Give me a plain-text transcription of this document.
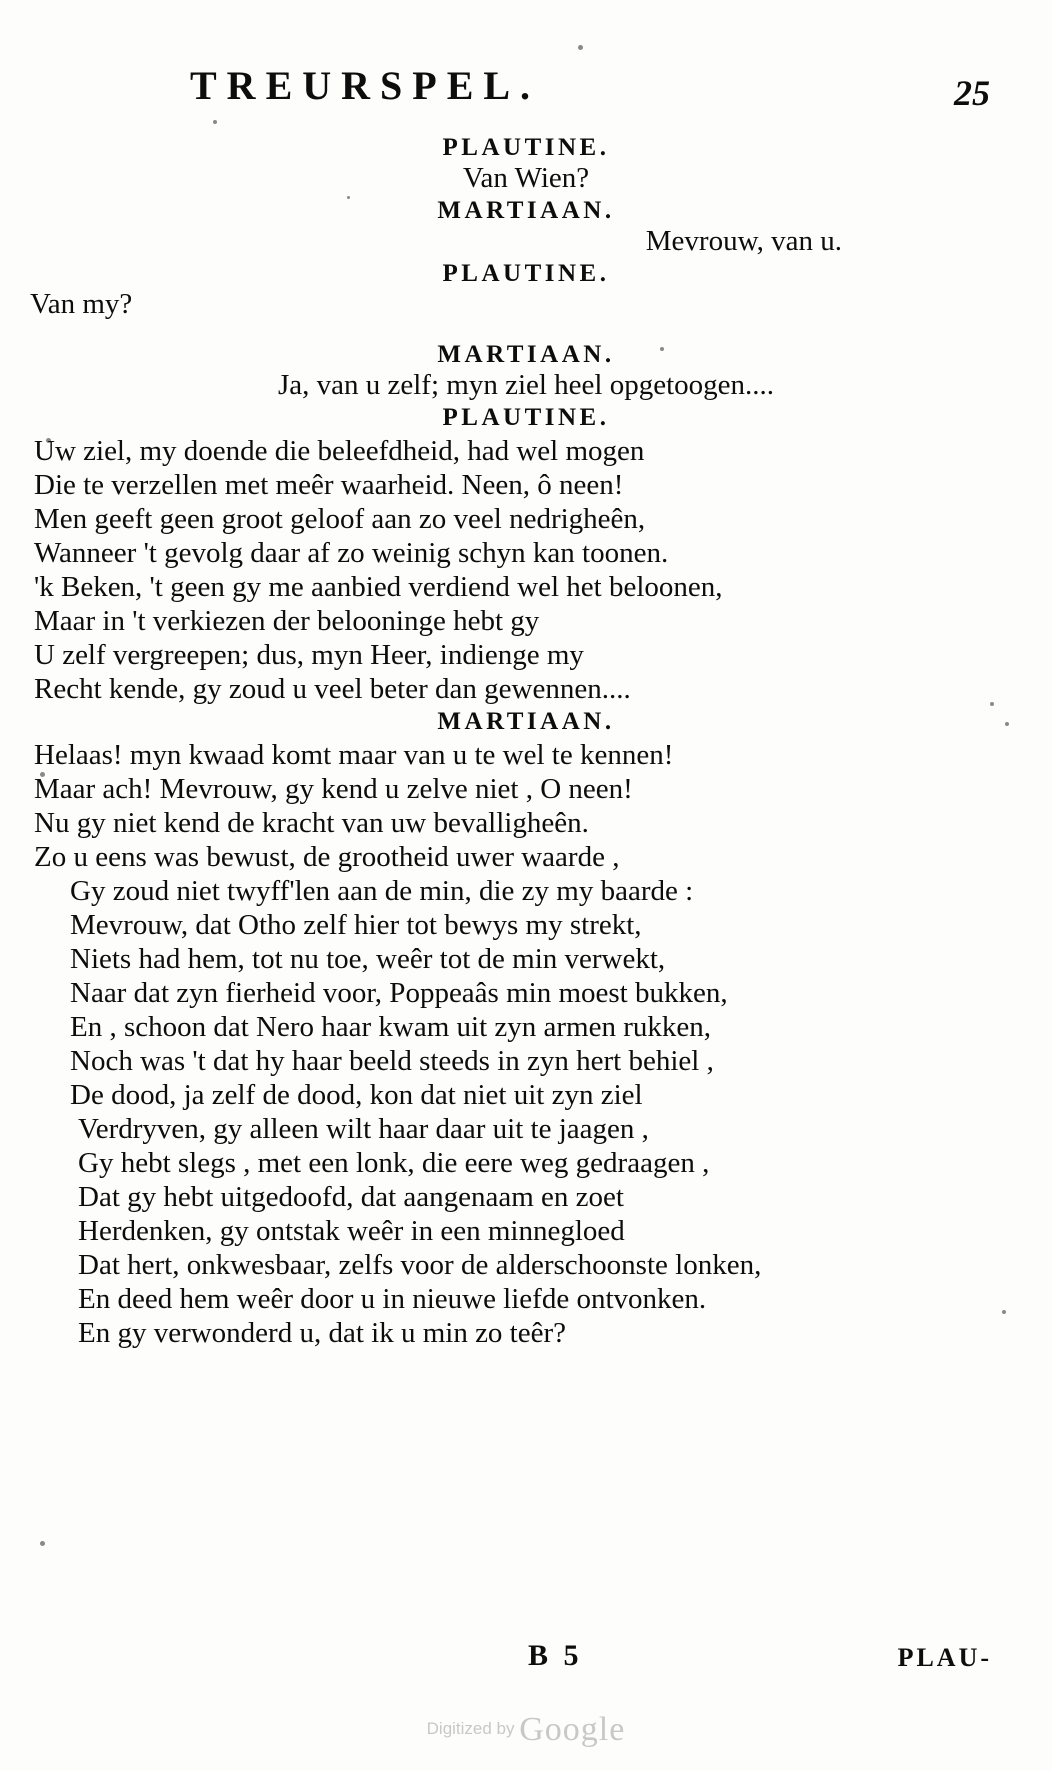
TREURSPEL.	25
PLAUTINE.
Van Wien?
MARTIAAN.
Mevrouw, van u.
PLAUTINE.
Van my?
MARTIAAN.
Ja, van u zelf; myn ziel heel opgetoogen....
PLAUTINE.
Uw ziel, my doende die beleefdheid, had wel mogen
Die te verzellen met meêr waarheid. Neen, ô neen!
Men geeft geen groot geloof aan zo veel nedrigheên,
Wanneer 't gevolg daar af zo weinig schyn kan toonen.
'k Beken, 't geen gy me aanbied verdiend wel het beloonen,
Maar in 't verkiezen der belooninge hebt gy
U zelf vergreepen; dus, myn Heer, indiengе my
Recht kende, gy zoud u veel beter dan gewennen....
MARTIAAN.
Helaas! myn kwaad komt maar van u te wel te kennen!
Maar ach! Mevrouw, gy kend u zelve niet , O neen!
Nu gy niet kend de kracht van uw bevalligheên.
Zo u eens was bewust, de grootheid uwer waarde ,
Gy zoud niet twyff'len aan de min, die zy my baarde :
Mevrouw, dat Otho zelf hier tot bewys my strekt,
Niets had hem, tot nu toe, weêr tot de min verwekt,
Naar dat zyn fierheid voor, Poppeaâs min moest bukken,
En , schoon dat Nero haar kwam uit zyn armen rukken,
Noch was 't dat hy haar beeld steeds in zyn hert behiel ,
De dood, ja zelf de dood, kon dat niet uit zyn ziel
Verdryven, gy alleen wilt haar daar uit te jaagen ,
Gy hebt slegs , met een lonk, die eere weg gedraagen ,
Dat gy hebt uitgedoofd, dat aangenaam en zoet
Herdenken, gy ontstak weêr in een minnegloed
Dat hert, onkwesbaar, zelfs voor de alderschoonste lonken,
En deed hem weêr door u in nieuwe liefde ontvonken.
En gy verwonderd u, dat ik u min zo teêr?
B 5	PLAU-
Digitized by Google
